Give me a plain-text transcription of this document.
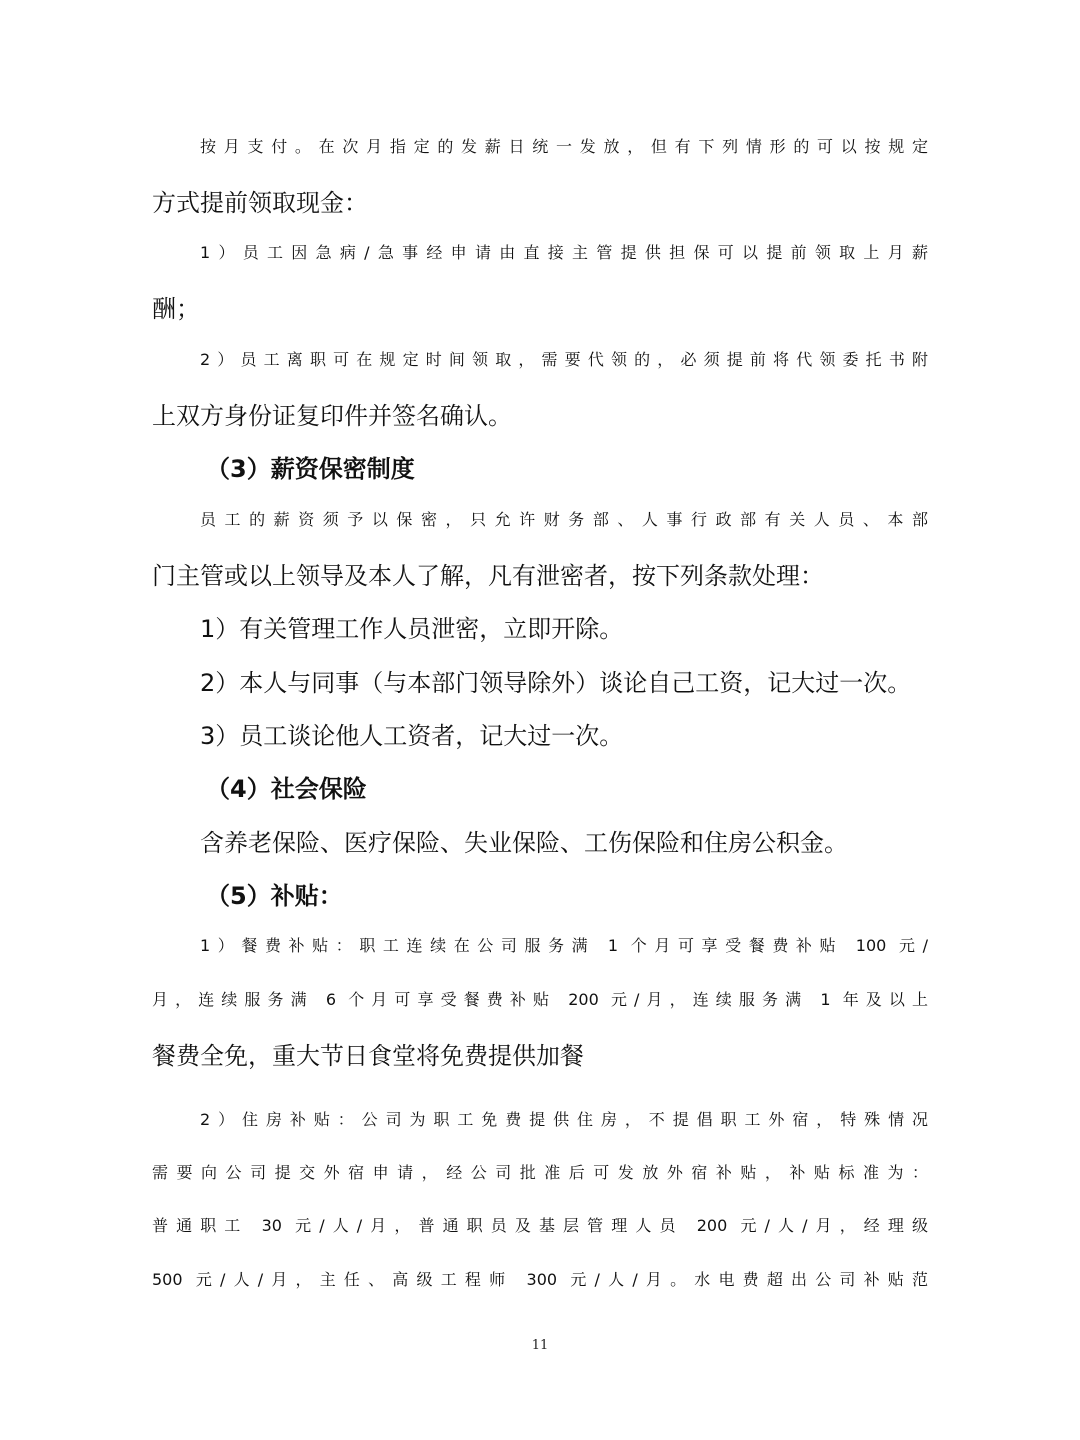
按月支付。在次月指定的发薪日统一发放，但有下列情形的可以按规定
方式提前领取现金：
1）员工因急病/急事经申请由直接主管提供担保可以提前领取上月薪
酬；
2）员工离职可在规定时间领取，需要代领的，必须提前将代领委托书附
上双方身份证复印件并签名确认。
（3）薪资保密制度
员工的薪资须予以保密，只允许财务部、人事行政部有关人员、本部
门主管或以上领导及本人了解，凡有泄密者，按下列条款处理：
1）有关管理工作人员泄密，立即开除。
2）本人与同事（与本部门领导除外）谈论自己工资，记大过一次。
3）员工谈论他人工资者，记大过一次。
（4）社会保险
含养老保险、医疗保险、失业保险、工伤保险和住房公积金。
（5）补贴：
1）餐费补贴：职工连续在公司服务满 1 个月可享受餐费补贴 100 元/
月，连续服务满 6 个月可享受餐费补贴 200 元/月，连续服务满 1 年及以上
餐费全免，重大节日食堂将免费提供加餐
2）住房补贴：公司为职工免费提供住房，不提倡职工外宿，特殊情况
需要向公司提交外宿申请，经公司批准后可发放外宿补贴，补贴标准为：
普通职工 30 元/人/月，普通职员及基层管理人员 200 元/人/月，经理级
500 元/人/月，主任、高级工程师 300 元/人/月。水电费超出公司补贴范
11
